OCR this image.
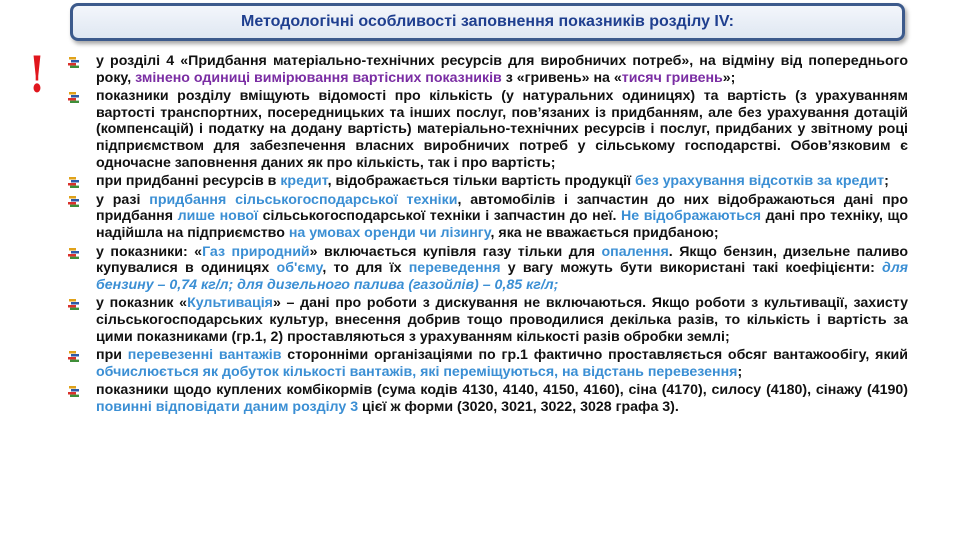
Методологічні особливості заповнення показників розділу ІV:
!	у розділі 4 «Придбання матеріально-технічних ресурсів для виробничих потреб», на відміну від попереднього року, змінено одиниці вимірювання вартісних показників з «гривень» на «тисяч гривень»;
показники розділу вміщують відомості про кількість (у натуральних одиницях) та вартість (з урахуванням вартості транспортних, посередницьких та інших послуг, пов’язаних із придбанням, але без урахування дотацій (компенсацій) і податку на додану вартість) матеріально-технічних ресурсів і послуг, придбаних у звітному році підприємством для забезпечення власних виробничих потреб у сільському господарстві. Обов’язковим є одночасне заповнення даних як про кількість, так і про вартість;
при придбанні ресурсів в кредит, відображається тільки вартість продукції без урахування відсотків за кредит;
у разі придбання сільськогосподарської техніки, автомобілів і запчастин до них відображаються дані про придбання лише нової сільськогосподарської техніки і запчастин до неї. Не відображаються дані про техніку, що надійшла на підприємство на умовах оренди чи лізингу, яка не вважається придбаною;
у показники: «Газ природний» включається купівля газу тільки для опалення. Якщо бензин, дизельне паливо купувалися в одиницях об'єму, то для їх переведення у вагу можуть бути використані такі коефіцієнти: для бензину – 0,74 кг/л; для дизельного палива (газойлів) – 0,85 кг/л;
у показник «Культивація» – дані про роботи з дискування не включаються. Якщо роботи з культивації, захисту сільськогосподарських культур, внесення добрив тощо проводилися декілька разів, то кількість і вартість за цими показниками (гр.1, 2) проставляються з урахуванням кількості разів обробки землі;
при перевезенні вантажів сторонніми організаціями по гр.1 фактично проставляється обсяг вантажообігу, який обчислюється як добуток кількості вантажів, які переміщуються, на відстань перевезення;
показники щодо куплених комбікормів (сума кодів 4130, 4140, 4150, 4160), сіна (4170), силосу (4180), сінажу (4190) повинні відповідати даним розділу 3 цієї ж форми (3020, 3021, 3022, 3028 графа 3).
